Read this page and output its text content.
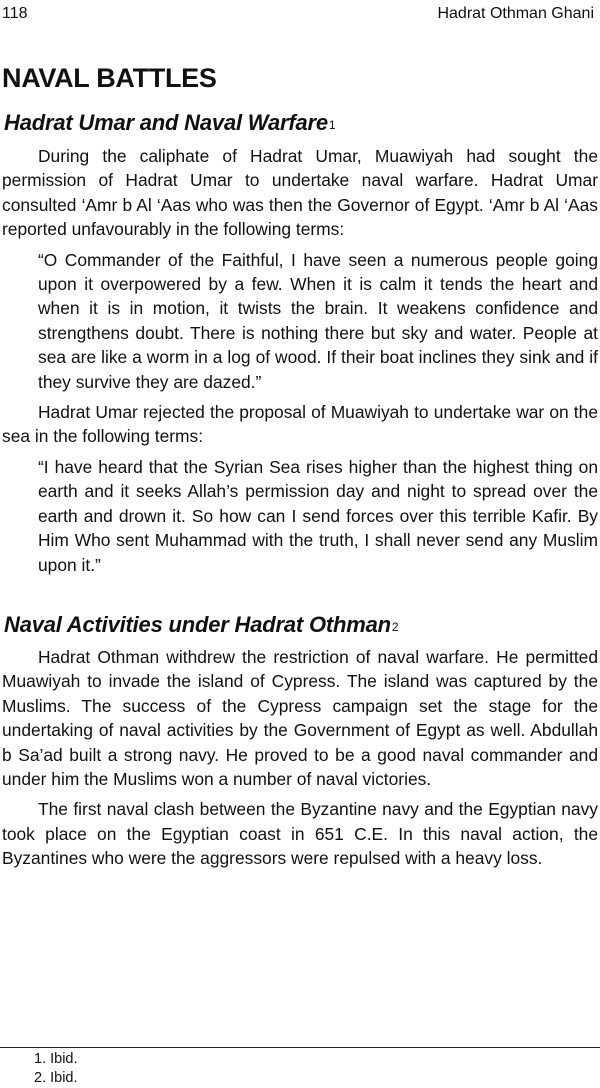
118	Hadrat Othman Ghani
NAVAL BATTLES
Hadrat Umar and Naval Warfare$^1$

During the caliphate of Hadrat Umar, Muawiyah had sought the permission of Hadrat Umar to undertake naval warfare. Hadrat Umar consulted ‘Amr b Al ‘Aas who was then the Governor of Egypt. ‘Amr b Al ‘Aas reported unfavourably in the following terms:

“O Commander of the Faithful, I have seen a numerous people going upon it overpowered by a few. When it is calm it tends the heart and when it is in motion, it twists the brain. It weakens confidence and strengthens doubt. There is nothing there but sky and water. People at sea are like a worm in a log of wood. If their boat inclines they sink and if they survive they are dazed.”

Hadrat Umar rejected the proposal of Muawiyah to undertake war on the sea in the following terms:

“I have heard that the Syrian Sea rises higher than the highest thing on earth and it seeks Allah’s permission day and night to spread over the earth and drown it. So how can I send forces over this terrible Kafir. By Him Who sent Muhammad with the truth, I shall never send any Muslim upon it.”

Naval Activities under Hadrat Othman$^2$

Hadrat Othman withdrew the restriction of naval warfare. He permitted Muawiyah to invade the island of Cypress. The island was captured by the Muslims. The success of the Cypress campaign set the stage for the undertaking of naval activities by the Government of Egypt as well. Abdullah b Sa’ad built a strong navy. He proved to be a good naval commander and under him the Muslims won a number of naval victories.

The first naval clash between the Byzantine navy and the Egyptian navy took place on the Egyptian coast in 651 C.E. In this naval action, the Byzantines who were the aggressors were repulsed with a heavy loss.

1. Ibid.
2. Ibid.
